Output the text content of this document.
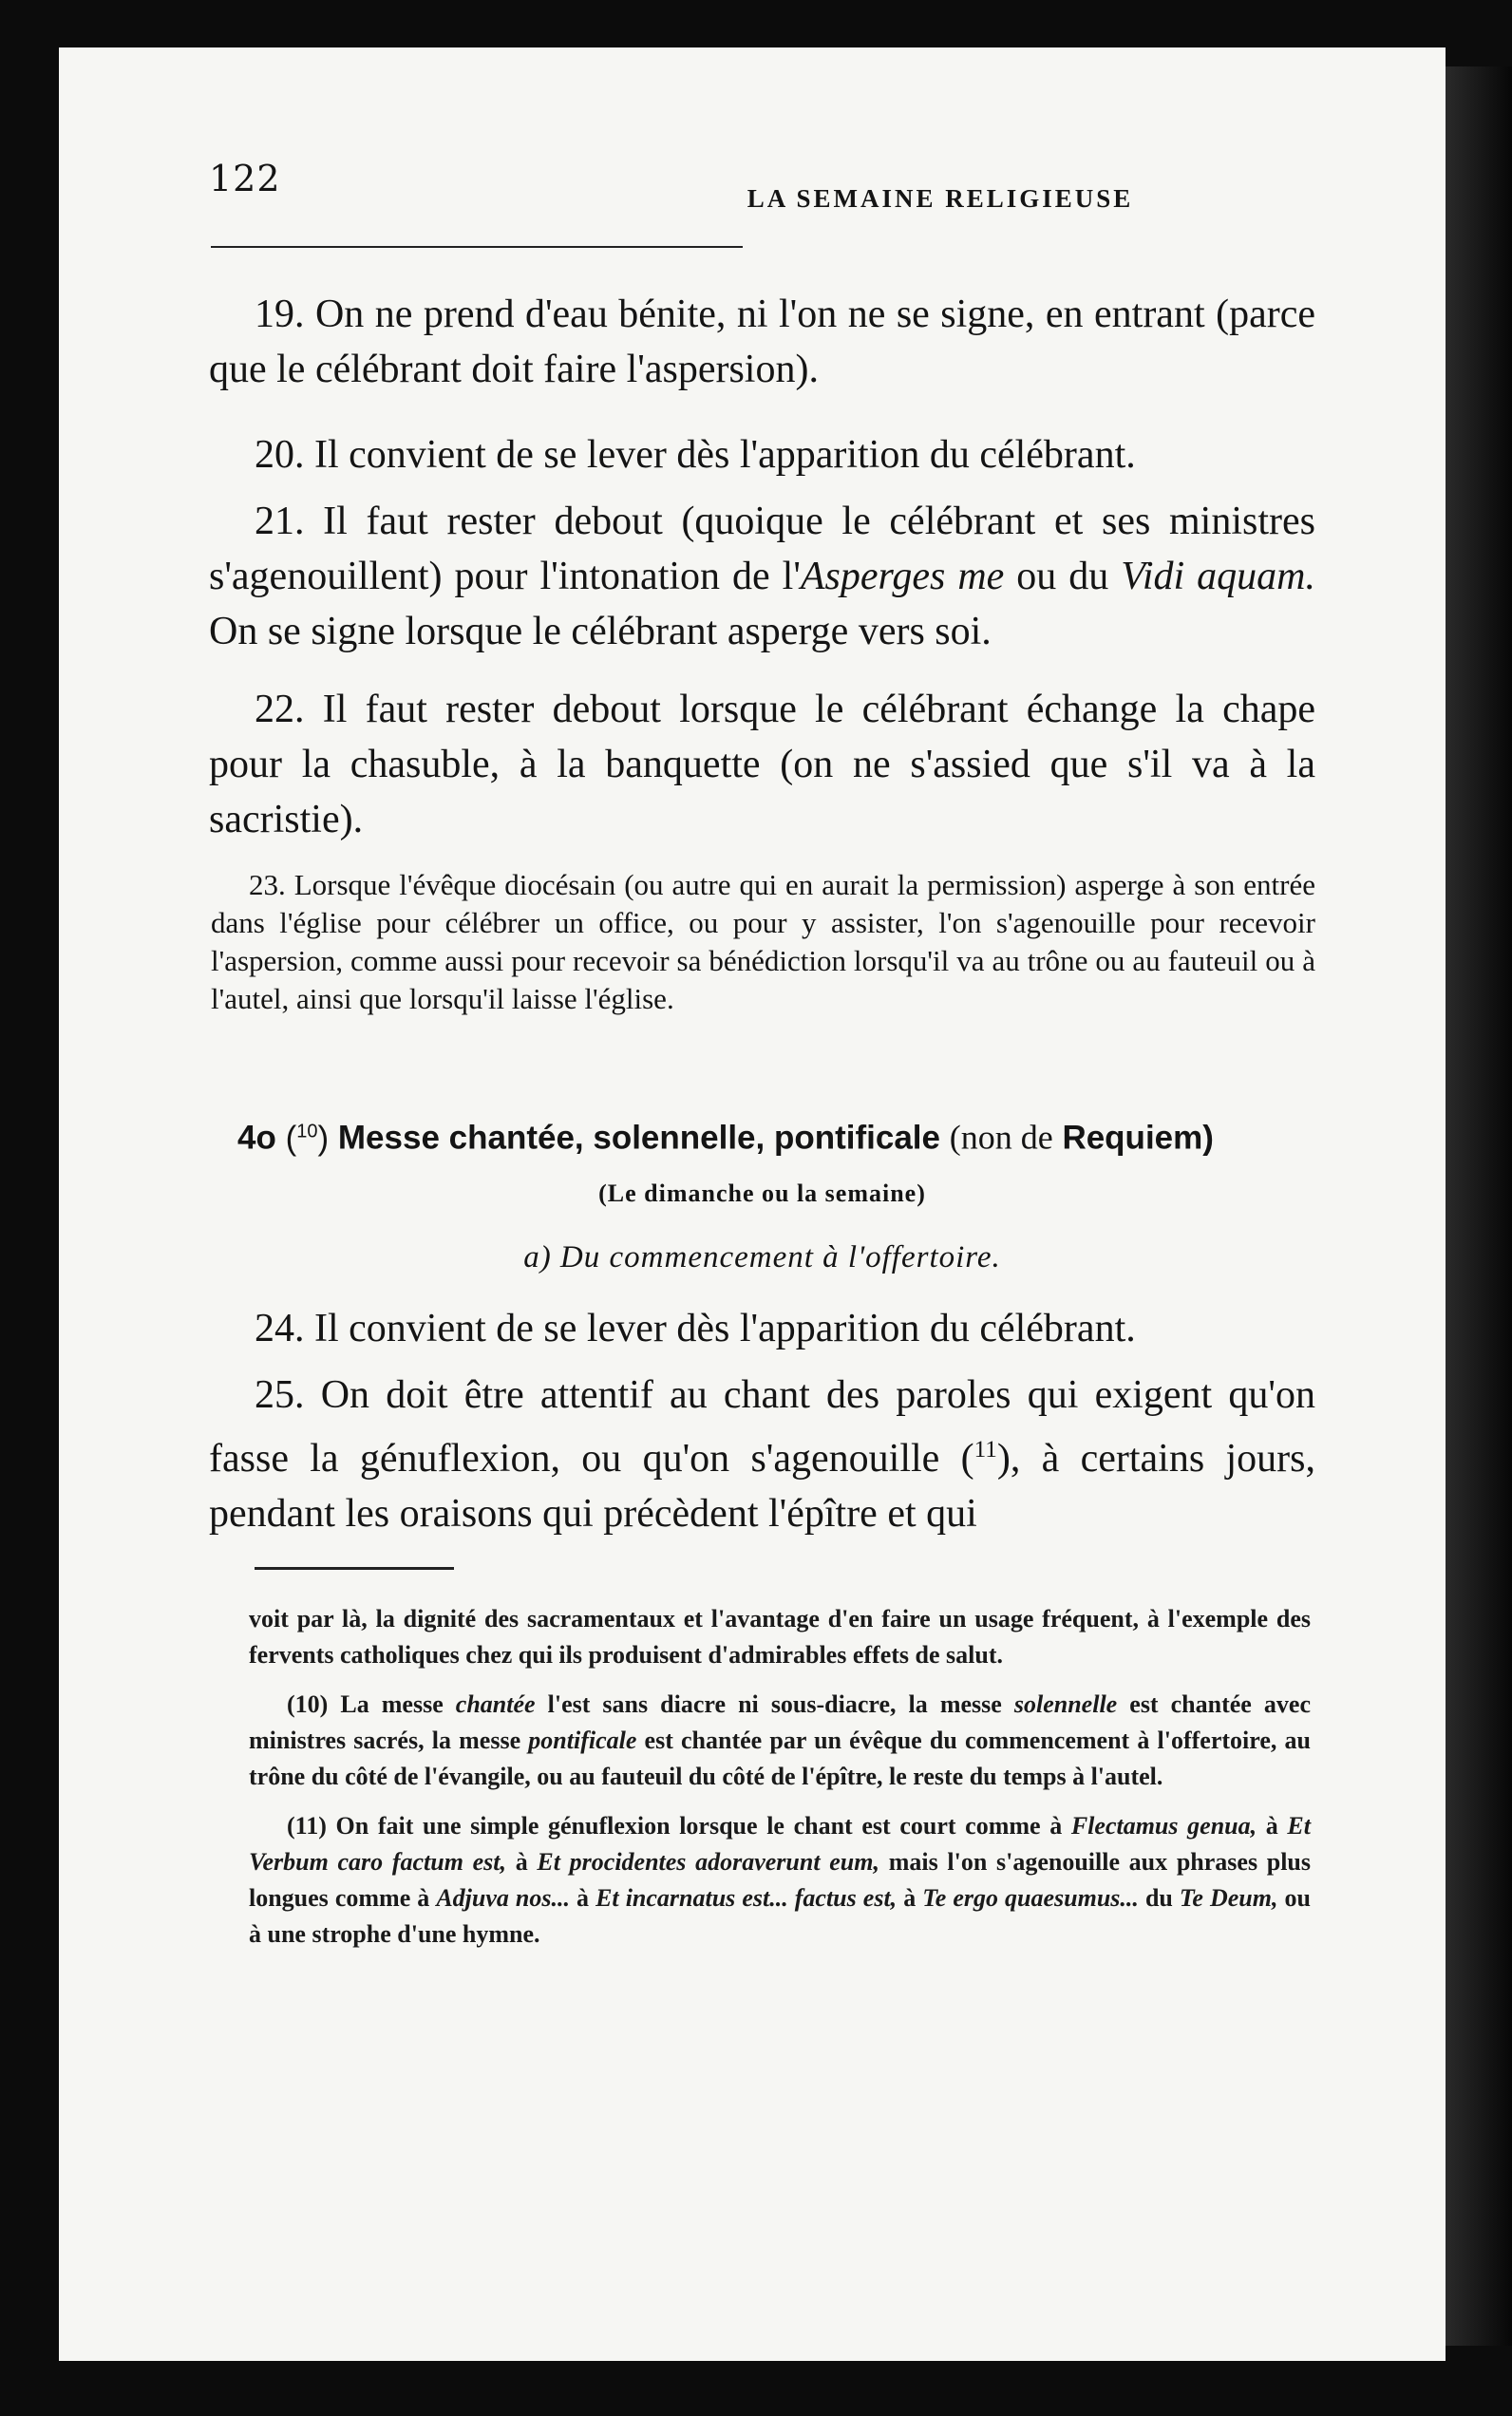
122	LA SEMAINE RELIGIEUSE
19. On ne prend d'eau bénite, ni l'on ne se signe, en entrant (parce que le célébrant doit faire l'aspersion).
20. Il convient de se lever dès l'apparition du célébrant.
21. Il faut rester debout (quoique le célébrant et ses ministres s'agenouillent) pour l'intonation de l'Asperges me ou du Vidi aquam. On se signe lorsque le célébrant asperge vers soi.
22. Il faut rester debout lorsque le célébrant échange la chape pour la chasuble, à la banquette (on ne s'assied que s'il va à la sacristie).
23. Lorsque l'évêque diocésain (ou autre qui en aurait la permission) asperge à son entrée dans l'église pour célébrer un office, ou pour y assister, l'on s'agenouille pour recevoir l'aspersion, comme aussi pour recevoir sa bénédiction lorsqu'il va au trône ou au fauteuil ou à l'autel, ainsi que lorsqu'il laisse l'église.
4o ($^{10}$) Messe chantée, solennelle, pontificale (non de Requiem)
(Le dimanche ou la semaine)
a) Du commencement à l'offertoire.
24. Il convient de se lever dès l'apparition du célébrant.
25. On doit être attentif au chant des paroles qui exigent qu'on fasse la génuflexion, ou qu'on s'agenouille ($^{11}$), à certains jours, pendant les oraisons qui précèdent l'épître et qui

voit par là, la dignité des sacramentaux et l'avantage d'en faire un usage fréquent, à l'exemple des fervents catholiques chez qui ils produisent d'admirables effets de salut.

(10) La messe chantée l'est sans diacre ni sous-diacre, la messe solennelle est chantée avec ministres sacrés, la messe pontificale est chantée par un évêque du commencement à l'offertoire, au trône du côté de l'évangile, ou au fauteuil du côté de l'épître, le reste du temps à l'autel.

(11) On fait une simple génuflexion lorsque le chant est court comme à Flectamus genua, à Et Verbum caro factum est, à Et procidentes adoraverunt eum, mais l'on s'agenouille aux phrases plus longues comme à Adjuva nos... à Et incarnatus est... factus est, à Te ergo quaesumus... du Te Deum, ou à une strophe d'une hymne.
